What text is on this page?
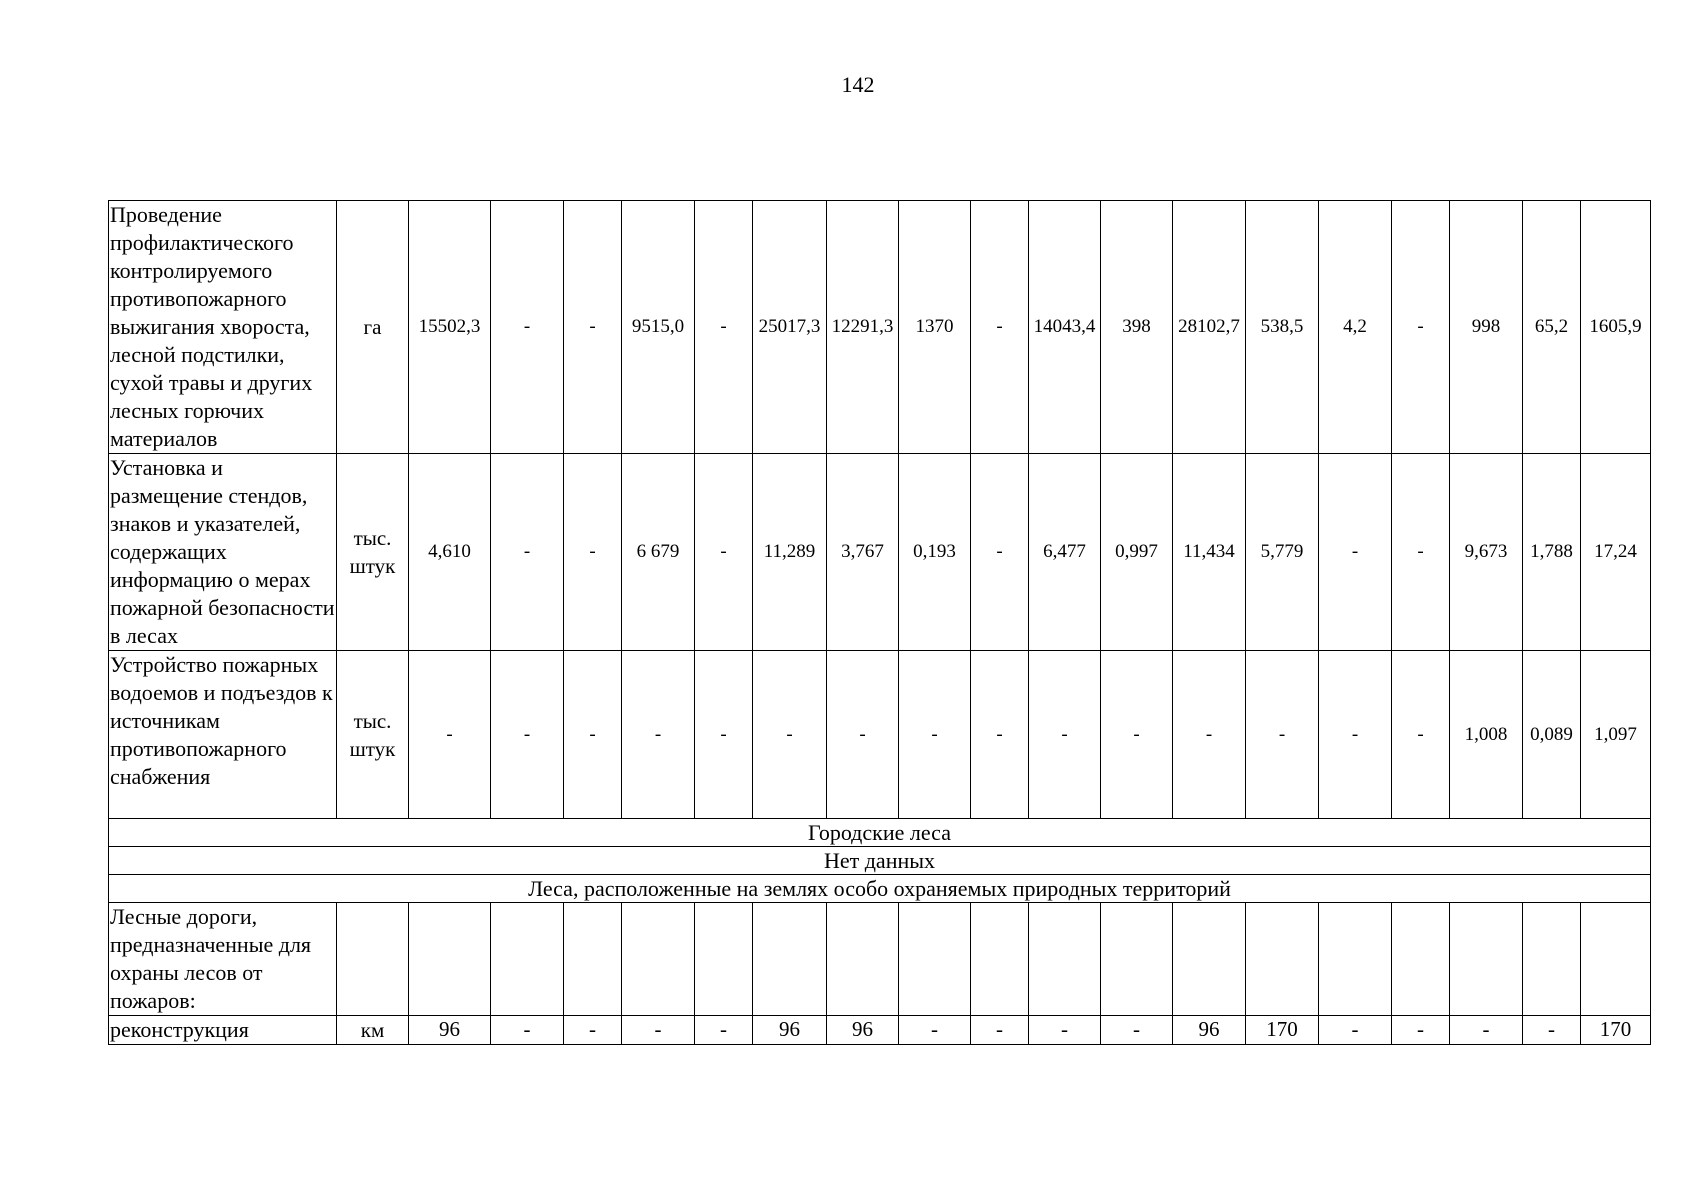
142
Проведение профилактического контролируемого противопожарного выжигания хвороста, лесной подстилки, сухой травы и других лесных горючих материалов	га	15502,3	-	-	9515,0	-	25017,3	12291,3	1370	-	14043,4	398	28102,7	538,5	4,2	-	998	65,2	1605,9
Установка и размещение стендов, знаков и указателей, содержащих информацию о мерах пожарной безопасности в лесах	тыс. штук	4,610	-	-	6 679	-	11,289	3,767	0,193	-	6,477	0,997	11,434	5,779	-	-	9,673	1,788	17,24
Устройство пожарных водоемов и подъездов к источникам противопожарного снабжения	тыс. штук	-	-	-	-	-	-	-	-	-	-	-	-	-	-	-	1,008	0,089	1,097
Городские леса																			
Нет данных																			
Леса, расположенные на землях особо охраняемых природных территорий																			
Лесные дороги, предназначенные для охраны лесов от пожаров:																			
реконструкция	км	96	-	-	-	-	96	96	-	-	-	-	96	170	-	-	-	-	170
